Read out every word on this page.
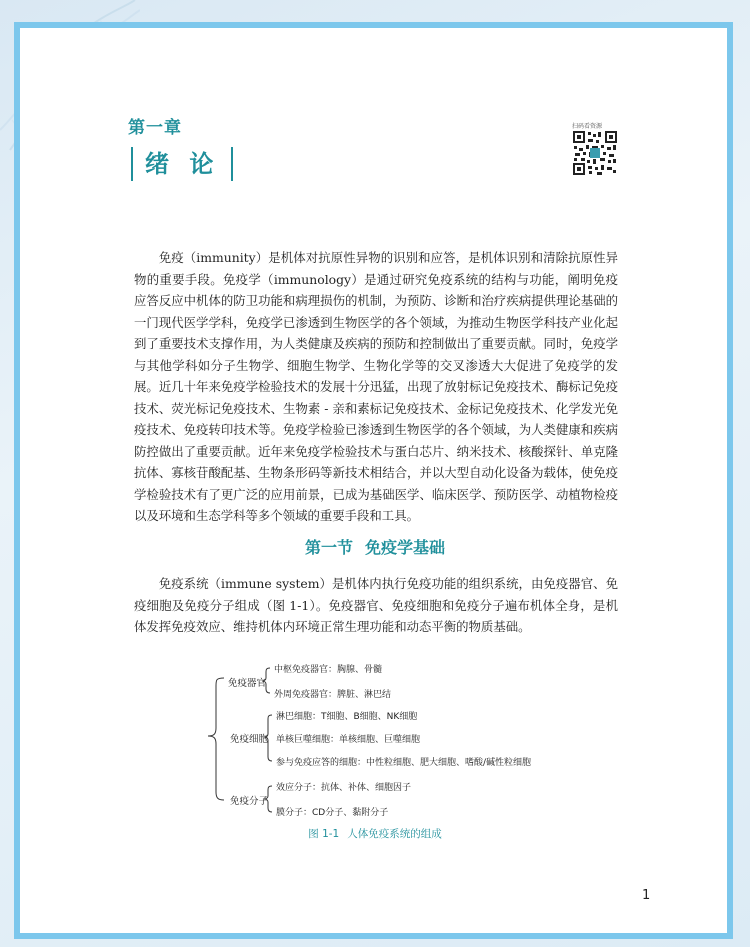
第一章
绪 论
扫码看资源

免疫（immunity）是机体对抗原性异物的识别和应答，是机体识别和清除抗原性异物的重要手段。免疫学（immunology）是通过研究免疫系统的结构与功能，阐明免疫应答反应中机体的防卫功能和病理损伤的机制，为预防、诊断和治疗疾病提供理论基础的一门现代医学学科，免疫学已渗透到生物医学的各个领域，为推动生物医学科技产业化起到了重要技术支撑作用，为人类健康及疾病的预防和控制做出了重要贡献。同时，免疫学与其他学科如分子生物学、细胞生物学、生物化学等的交叉渗透大大促进了免疫学的发展。近几十年来免疫学检验技术的发展十分迅猛，出现了放射标记免疫技术、酶标记免疫技术、荧光标记免疫技术、生物素 - 亲和素标记免疫技术、金标记免疫技术、化学发光免疫技术、免疫转印技术等。免疫学检验已渗透到生物医学的各个领域，为人类健康和疾病防控做出了重要贡献。近年来免疫学检验技术与蛋白芯片、纳米技术、核酸探针、单克隆抗体、寡核苷酸配基、生物条形码等新技术相结合，并以大型自动化设备为载体，使免疫学检验技术有了更广泛的应用前景，已成为基础医学、临床医学、预防医学、动植物检疫以及环境和生态学科等多个领域的重要手段和工具。

第一节 免疫学基础

免疫系统（immune system）是机体内执行免疫功能的组织系统，由免疫器官、免疫细胞及免疫分子组成（图 1-1）。免疫器官、免疫细胞和免疫分子遍布机体全身，是机体发挥免疫效应、维持机体内环境正常生理功能和动态平衡的物质基础。

免疫器官
中枢免疫器官：胸腺、骨髓
外周免疫器官：脾脏、淋巴结
免疫细胞
淋巴细胞：T细胞、B细胞、NK细胞
单核巨噬细胞：单核细胞、巨噬细胞
参与免疫应答的细胞：中性粒细胞、肥大细胞、嗜酸/碱性粒细胞
免疫分子
效应分子：抗体、补体、细胞因子
膜分子：CD分子、黏附分子
图 1-1 人体免疫系统的组成
1
